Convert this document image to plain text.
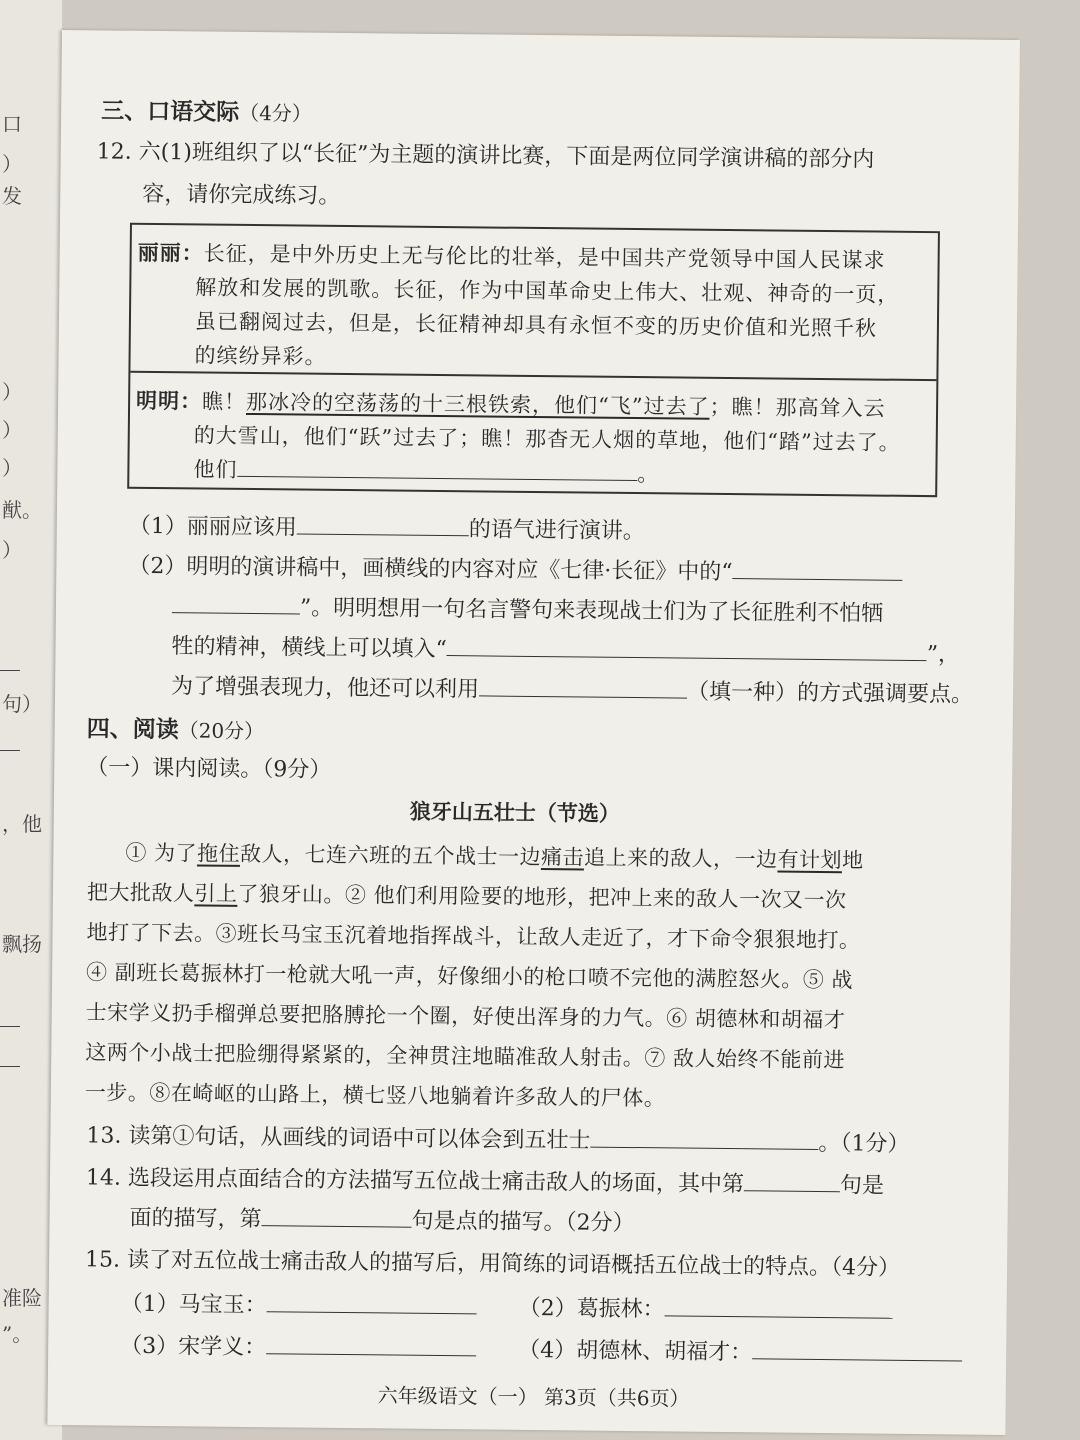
口
）
发
）
）
）
猷。
）
句）
，他
飘扬
准险
”。
三、口语交际（4分）
12. 六(1)班组织了以“长征”为主题的演讲比赛，下面是两位同学演讲稿的部分内
容，请你完成练习。
丽丽：长征，是中外历史上无与伦比的壮举，是中国共产党领导中国人民谋求
解放和发展的凯歌。长征，作为中国革命史上伟大、壮观、神奇的一页，
虽已翻阅过去，但是，长征精神却具有永恒不变的历史价值和光照千秋
的缤纷异彩。
明明：瞧！那冰冷的空荡荡的十三根铁索，他们“飞”过去了；瞧！那高耸入云
的大雪山，他们“跃”过去了；瞧！那杳无人烟的草地，他们“踏”过去了。
他们	。
（1）丽丽应该用	的语气进行演讲。
（2）明明的演讲稿中，画横线的内容对应《七律·长征》中的“
”。明明想用一句名言警句来表现战士们为了长征胜利不怕牺
牲的精神，横线上可以填入“	”，
为了增强表现力，他还可以利用	（填一种）的方式强调要点。
四、阅读（20分）
（一）课内阅读。（9分）
狼牙山五壮士（节选）
① 为了拖住敌人，七连六班的五个战士一边痛击追上来的敌人，一边有计划地
把大批敌人引上了狼牙山。② 他们利用险要的地形，把冲上来的敌人一次又一次
地打了下去。③班长马宝玉沉着地指挥战斗，让敌人走近了，才下命令狠狠地打。
④ 副班长葛振林打一枪就大吼一声，好像细小的枪口喷不完他的满腔怒火。⑤ 战
士宋学义扔手榴弹总要把胳膊抡一个圈，好使出浑身的力气。⑥ 胡德林和胡福才
这两个小战士把脸绷得紧紧的，全神贯注地瞄准敌人射击。⑦ 敌人始终不能前进
一步。⑧在崎岖的山路上，横七竖八地躺着许多敌人的尸体。
13. 读第①句话，从画线的词语中可以体会到五壮士	。（1分）
14. 选段运用点面结合的方法描写五位战士痛击敌人的场面，其中第	句是
面的描写，第	句是点的描写。（2分）
15. 读了对五位战士痛击敌人的描写后，用简练的词语概括五位战士的特点。（4分）
（1）马宝玉：	（2）葛振林：
（3）宋学义：	（4）胡德林、胡福才：
六年级语文（一） 第3页（共6页）
